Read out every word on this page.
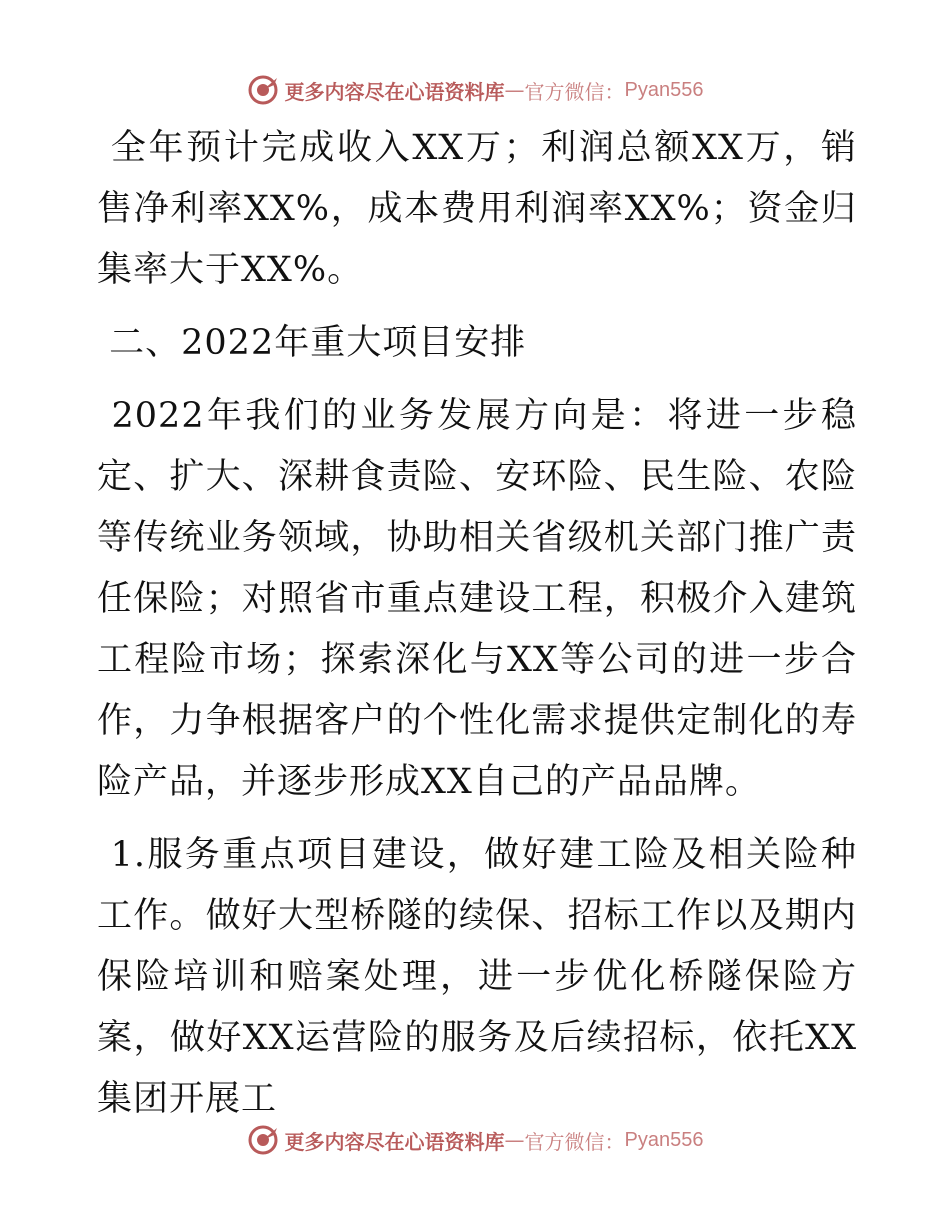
更多内容尽在心语资料库 — 官方微信： Pyan556

全年预计完成收入XX万；利润总额XX万，销售净利率XX%，成本费用利润率XX%；资金归集率大于XX%。

二、2022年重大项目安排

2022年我们的业务发展方向是：将进一步稳定、扩大、深耕食责险、安环险、民生险、农险等传统业务领域，协助相关省级机关部门推广责任保险；对照省市重点建设工程，积极介入建筑工程险市场；探索深化与XX等公司的进一步合作，力争根据客户的个性化需求提供定制化的寿险产品，并逐步形成XX自己的产品品牌。

1.服务重点项目建设，做好建工险及相关险种工作。做好大型桥隧的续保、招标工作以及期内保险培训和赔案处理，进一步优化桥隧保险方案，做好XX运营险的服务及后续招标，依托XX集团开展工

更多内容尽在心语资料库 — 官方微信： Pyan556
